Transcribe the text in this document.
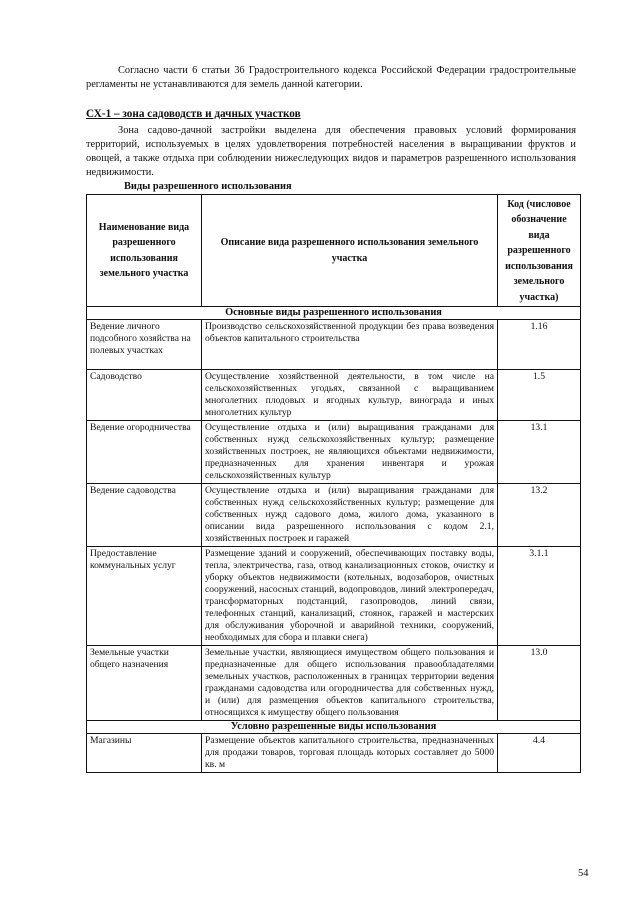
Согласно части 6 статьи 36 Градостроительного кодекса Российской Федерации градостроительные регламенты не устанавливаются для земель данной категории.
СХ-1 – зона садоводств и дачных участков
Зона садово-дачной застройки выделена для обеспечения правовых условий формирования территорий, используемых в целях удовлетворения потребностей населения в выращивании фруктов и овощей, а также отдыха при соблюдении нижеследующих видов и параметров разрешенного использования недвижимости.
Виды разрешенного использования
Наименование вида разрешенного использования земельного участка	Описание вида разрешенного использования земельного участка	Код (числовое обозначение вида разрешенного использования земельного участка)
Основные виды разрешенного использования		
Ведение личного подсобного хозяйства на полевых участках	Производство сельскохозяйственной продукции без права возведения объектов капитального строительства	1.16
Садоводство	Осуществление хозяйственной деятельности, в том числе на сельскохозяйственных угодьях, связанной с выращиванием многолетних плодовых и ягодных культур, винограда и иных многолетних культур	1.5
Ведение огородничества	Осуществление отдыха и (или) выращивания гражданами для собственных нужд сельскохозяйственных культур; размещение хозяйственных построек, не являющихся объектами недвижимости, предназначенных для хранения инвентаря и урожая сельскохозяйственных культур	13.1
Ведение садоводства	Осуществление отдыха и (или) выращивания гражданами для собственных нужд сельскохозяйственных культур; размещение для собственных нужд садового дома, жилого дома, указанного в описании вида разрешенного использования с кодом 2.1, хозяйственных построек и гаражей	13.2
Предоставление коммунальных услуг	Размещение зданий и сооружений, обеспечивающих поставку воды, тепла, электричества, газа, отвод канализационных стоков, очистку и уборку объектов недвижимости (котельных, водозаборов, очистных сооружений, насосных станций, водопроводов, линий электропередач, трансформаторных подстанций, газопроводов, линий связи, телефонных станций, канализаций, стоянок, гаражей и мастерских для обслуживания уборочной и аварийной техники, сооружений, необходимых для сбора и плавки снега)	3.1.1
Земельные участки общего назначения	Земельные участки, являющиеся имуществом общего пользования и предназначенные для общего использования правообладателями земельных участков, расположенных в границах территории ведения гражданами садоводства или огородничества для собственных нужд, и (или) для размещения объектов капитального строительства, относящихся к имуществу общего пользования	13.0
Условно разрешенные виды использования		
Магазины	Размещение объектов капитального строительства, предназначенных для продажи товаров, торговая площадь которых составляет до 5000 кв. м	4.4
54
